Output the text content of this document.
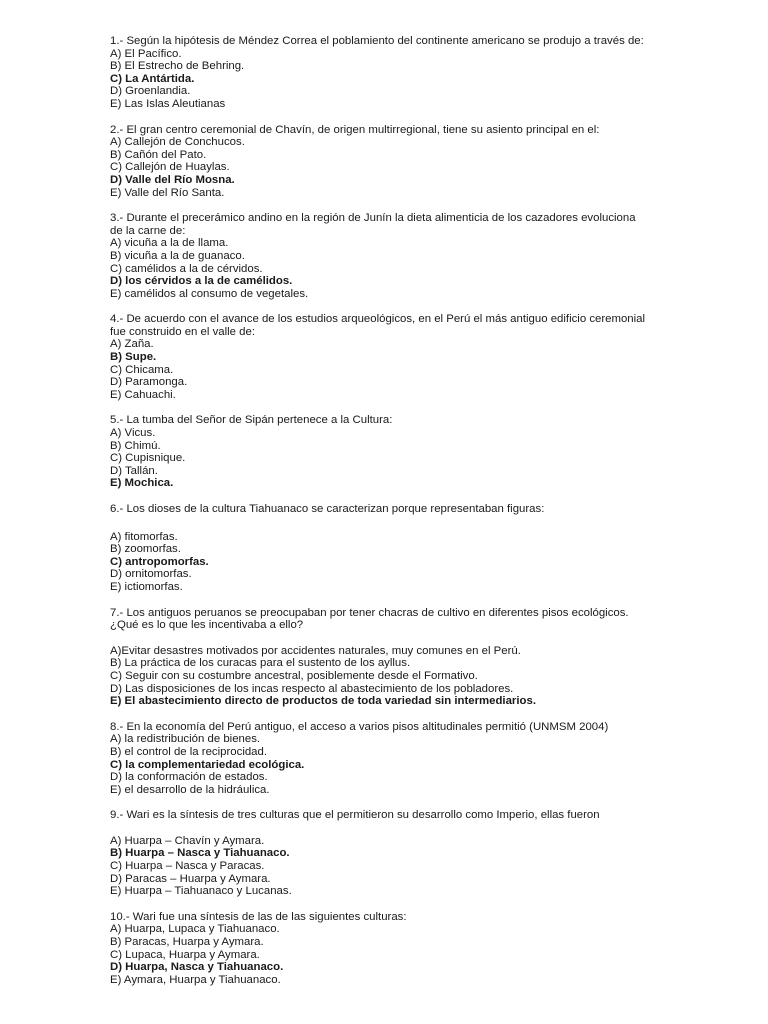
1.- Según la hipótesis de Méndez Correa el poblamiento del continente americano se produjo a través de:
A) El Pacífico.
B) El Estrecho de Behring.
C) La Antártida.
D) Groenlandia.
E) Las Islas Aleutianas
2.- El gran centro ceremonial de Chavín, de origen multirregional, tiene su asiento principal en el:
A) Callejón de Conchucos.
B) Cañón del Pato.
C) Callejón de Huaylas.
D) Valle del Río Mosna.
E) Valle del Río Santa.
3.- Durante el precerámico andino en la región de Junín la dieta alimenticia de los cazadores evoluciona
de la carne de:
A) vicuña a la de llama.
B) vicuña a la de guanaco.
C) camélidos a la de cérvidos.
D) los cérvidos a la de camélidos.
E) camélidos al consumo de vegetales.
4.- De acuerdo con el avance de los estudios arqueológicos, en el Perú el más antiguo edificio ceremonial
fue construido en el valle de:
A) Zaña.
B) Supe.
C) Chicama.
D) Paramonga.
E) Cahuachi.
5.- La tumba del Señor de Sipán pertenece a la Cultura:
A) Vicus.
B) Chimú.
C) Cupisnique.
D) Tallán.
E) Mochica.
6.- Los dioses de la cultura Tiahuanaco se caracterizan porque representaban figuras:
A) fitomorfas.
B) zoomorfas.
C) antropomorfas.
D) ornitomorfas.
E) ictiomorfas.
7.- Los antiguos peruanos se preocupaban por tener chacras de cultivo en diferentes pisos ecológicos.
¿Qué es lo que les incentivaba a ello?
A)Evitar desastres motivados por accidentes naturales, muy comunes en el Perú.
B) La práctica de los curacas para el sustento de los ayllus.
C) Seguir con su costumbre ancestral, posiblemente desde el Formativo.
D) Las disposiciones de los incas respecto al abastecimiento de los pobladores.
E) El abastecimiento directo de productos de toda variedad sin intermediarios.
8.- En la economía del Perú antiguo, el acceso a varios pisos altitudinales permitió (UNMSM 2004)
A) la redistribución de bienes.
B) el control de la reciprocidad.
C) la complementariedad ecológica.
D) la conformación de estados.
E) el desarrollo de la hidráulica.
9.- Wari es la síntesis de tres culturas que el permitieron su desarrollo como Imperio, ellas fueron
A) Huarpa – Chavín y Aymara.
B) Huarpa – Nasca y Tiahuanaco.
C) Huarpa – Nasca y Paracas.
D) Paracas – Huarpa y Aymara.
E) Huarpa – Tiahuanaco y Lucanas.
10.- Wari fue una síntesis de las de las siguientes culturas:
A) Huarpa, Lupaca y Tiahuanaco.
B) Paracas, Huarpa y Aymara.
C) Lupaca, Huarpa y Aymara.
D) Huarpa, Nasca y Tiahuanaco.
E) Aymara, Huarpa y Tiahuanaco.
